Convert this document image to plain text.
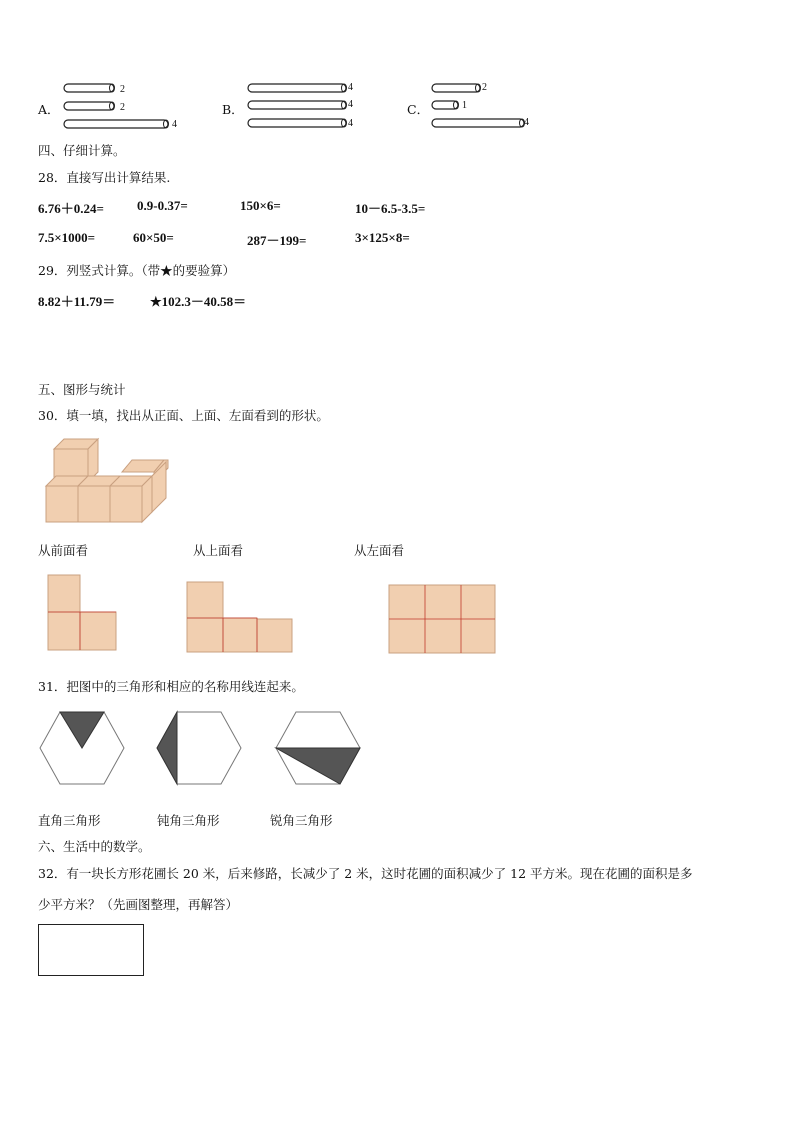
A．
2
2
4
B．
4
4
4
C．
2
1
4
四、仔细计算。
28．直接写出计算结果.
6.76＋0.24=	0.9-0.37=	150×6=	10－6.5-3.5=
7.5×1000=	60×50=	287－199=	3×125×8=
29．列竖式计算。（带★的要验算）
8.82＋11.79＝	★102.3－40.58＝
五、图形与统计
30．填一填，找出从正面、上面、左面看到的形状。
从前面看	从上面看	从左面看
31．把图中的三角形和相应的名称用线连起来。
直角三角形	钝角三角形	锐角三角形
六、生活中的数学。
32．有一块长方形花圃长 20 米，后来修路，长减少了 2 米，这时花圃的面积减少了 12 平方米。现在花圃的面积是多
少平方米？（先画图整理，再解答）
